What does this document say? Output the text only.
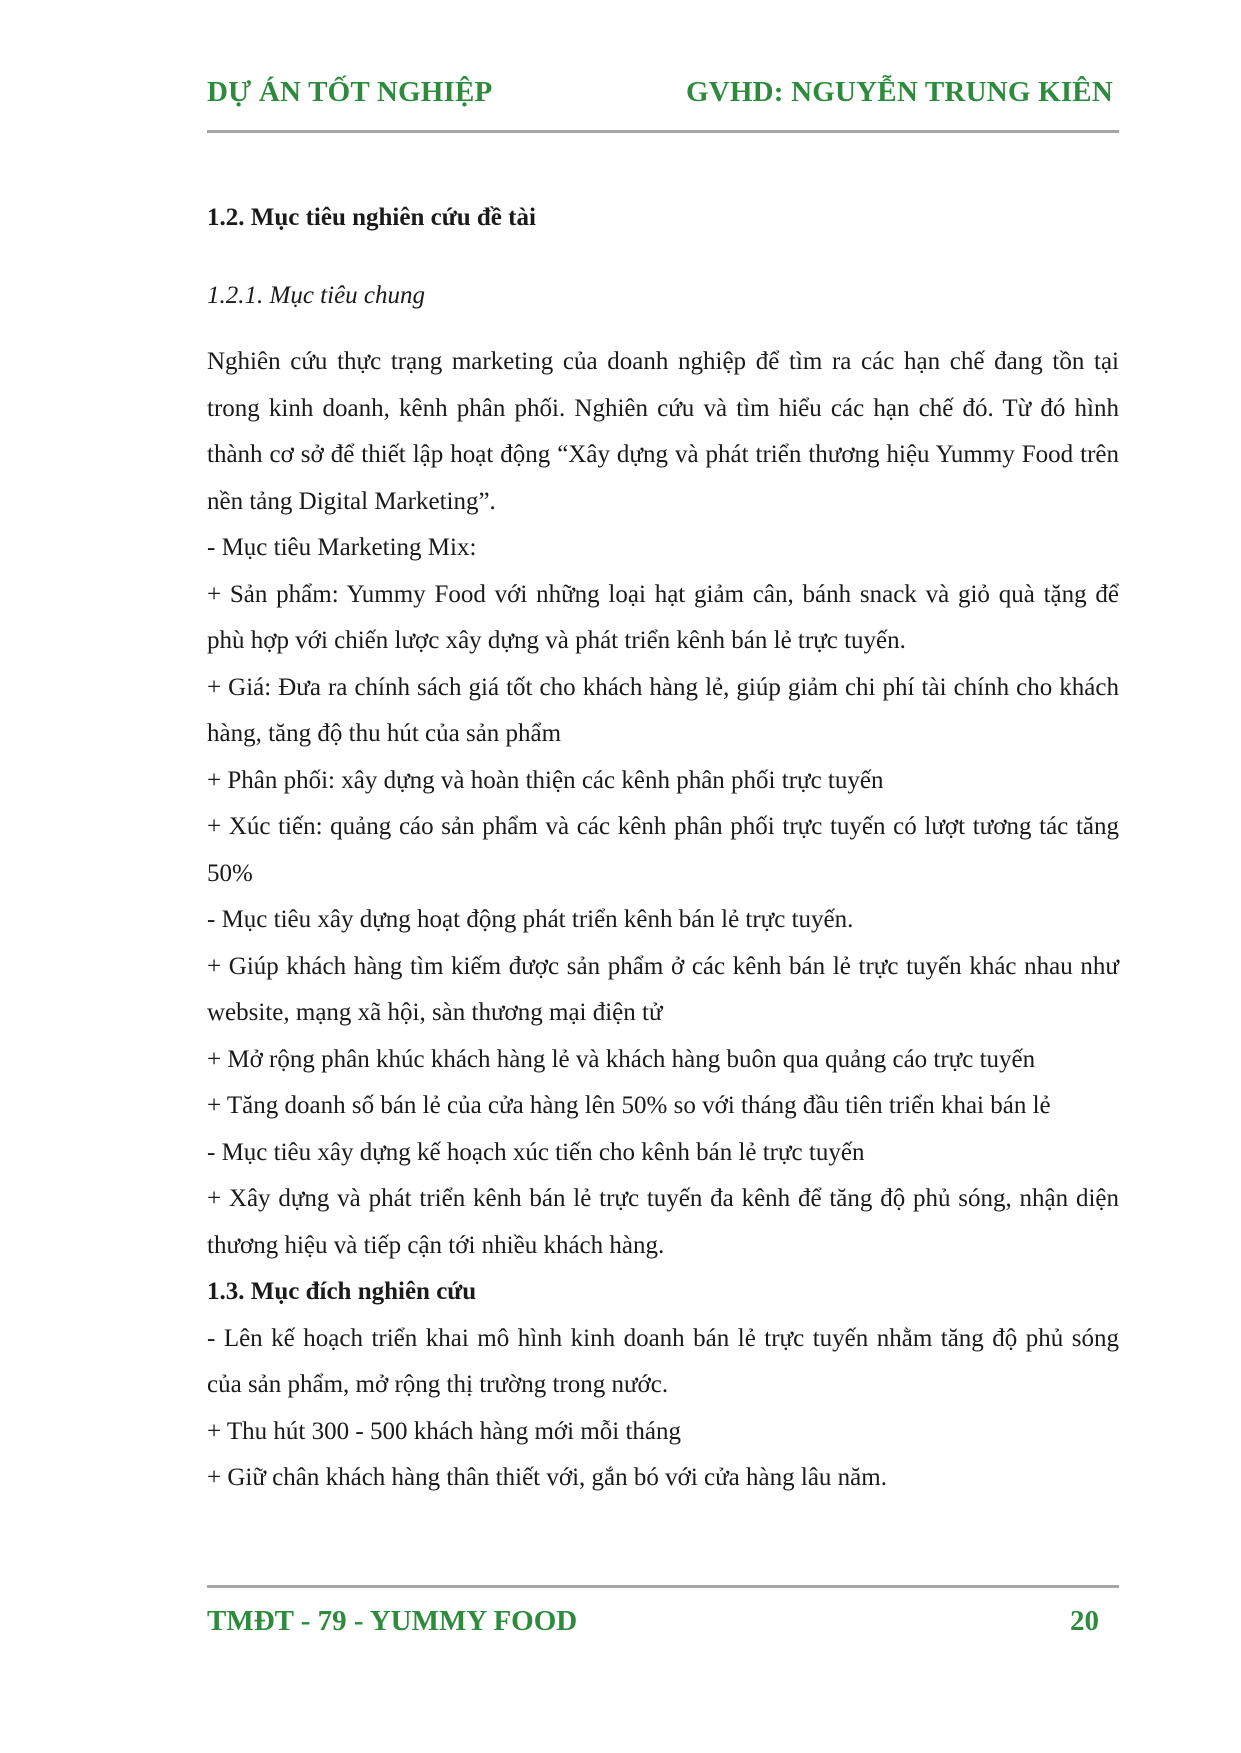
DỰ ÁN TỐT NGHIỆP	GVHD: NGUYỄN TRUNG KIÊN

1.2. Mục tiêu nghiên cứu đề tài

1.2.1. Mục tiêu chung

Nghiên cứu thực trạng marketing của doanh nghiệp để tìm ra các hạn chế đang tồn tại trong kinh doanh, kênh phân phối. Nghiên cứu và tìm hiểu các hạn chế đó. Từ đó hình thành cơ sở để thiết lập hoạt động “Xây dựng và phát triển thương hiệu Yummy Food trên nền tảng Digital Marketing”.

- Mục tiêu Marketing Mix:

+ Sản phẩm: Yummy Food với những loại hạt giảm cân, bánh snack và giỏ quà tặng để phù hợp với chiến lược xây dựng và phát triển kênh bán lẻ trực tuyến.

+ Giá: Đưa ra chính sách giá tốt cho khách hàng lẻ, giúp giảm chi phí tài chính cho khách hàng, tăng độ thu hút của sản phẩm

+ Phân phối: xây dựng và hoàn thiện các kênh phân phối trực tuyến

+ Xúc tiến: quảng cáo sản phẩm và các kênh phân phối trực tuyến có lượt tương tác tăng 50%

- Mục tiêu xây dựng hoạt động phát triển kênh bán lẻ trực tuyến.

+ Giúp khách hàng tìm kiếm được sản phẩm ở các kênh bán lẻ trực tuyến khác nhau như website, mạng xã hội, sàn thương mại điện tử

+ Mở rộng phân khúc khách hàng lẻ và khách hàng buôn qua quảng cáo trực tuyến

+ Tăng doanh số bán lẻ của cửa hàng lên 50% so với tháng đầu tiên triển khai bán lẻ

- Mục tiêu xây dựng kế hoạch xúc tiến cho kênh bán lẻ trực tuyến

+ Xây dựng và phát triển kênh bán lẻ trực tuyến đa kênh để tăng độ phủ sóng, nhận diện thương hiệu và tiếp cận tới nhiều khách hàng.

1.3. Mục đích nghiên cứu

- Lên kế hoạch triển khai mô hình kinh doanh bán lẻ trực tuyến nhằm tăng độ phủ sóng của sản phẩm, mở rộng thị trường trong nước.

+ Thu hút 300 - 500 khách hàng mới mỗi tháng

+ Giữ chân khách hàng thân thiết với, gắn bó với cửa hàng lâu năm.

TMĐT - 79 - YUMMY FOOD	20
